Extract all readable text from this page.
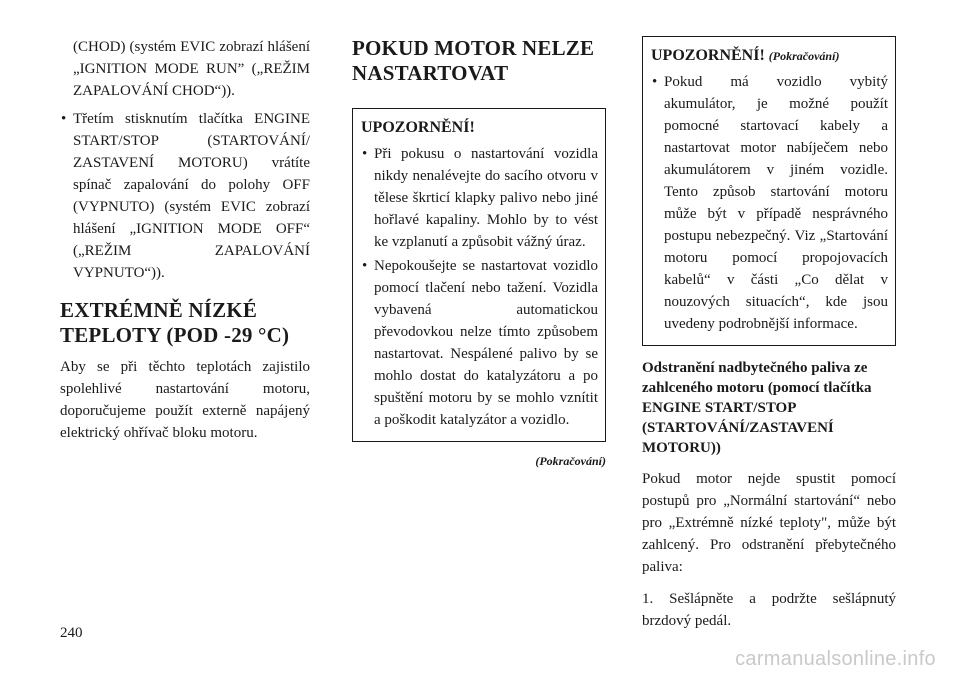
(CHOD) (systém EVIC zobrazí hlášení „IGNITION MODE RUN” („REŽIM ZAPALOVÁNÍ CHOD“)).

• Třetím stisknutím tlačítka ENGINE START/STOP (STARTOVÁNÍ/ ZASTAVENÍ MOTORU) vrátíte spínač zapalování do polohy OFF (VYPNUTO) (systém EVIC zobrazí hlášení „IGNITION MODE OFF“ („REŽIM ZAPALOVÁNÍ VYPNUTO“)).
EXTRÉMNĚ NÍZKÉ TEPLOTY (POD -29 °C)

Aby se při těchto teplotách zajistilo spolehlivé nastartování motoru, doporučujeme použít externě napájený elektrický ohřívač bloku motoru.

POKUD MOTOR NELZE NASTARTOVAT
UPOZORNĚNÍ!
• Při pokusu o nastartování vozidla nikdy nenalévejte do sacího otvoru v tělese škrticí klapky palivo nebo jiné hořlavé kapaliny. Mohlo by to vést ke vzplanutí a způsobit vážný úraz.
• Nepokoušejte se nastartovat vozidlo pomocí tlačení nebo tažení. Vozidla vybavená automatickou převodovkou nelze tímto způsobem nastartovat. Nespálené palivo by se mohlo dostat do katalyzátoru a po spuštění motoru by se mohlo vznítit a poškodit katalyzátor a vozidlo.
(Pokračování)
UPOZORNĚNÍ! (Pokračování)
• Pokud má vozidlo vybitý akumulátor, je možné použít pomocné startovací kabely a nastartovat motor nabíječem nebo akumulátorem v jiném vozidle. Tento způsob startování motoru může být v případě nesprávného postupu nebezpečný. Viz „Startování motoru pomocí propojovacích kabelů“ v části „Co dělat v nouzových situacích“, kde jsou uvedeny podrobnější informace.
Odstranění nadbytečného paliva ze zahlceného motoru (pomocí tlačítka ENGINE START/STOP (STARTOVÁNÍ/ZASTAVENÍ MOTORU))

Pokud motor nejde spustit pomocí postupů pro „Normální startování“ nebo pro „Extrémně nízké teploty", může být zahlcený. Pro odstranění přebytečného paliva:

1. Sešlápněte a podržte sešlápnutý brzdový pedál.

240
carmanualsonline.info
